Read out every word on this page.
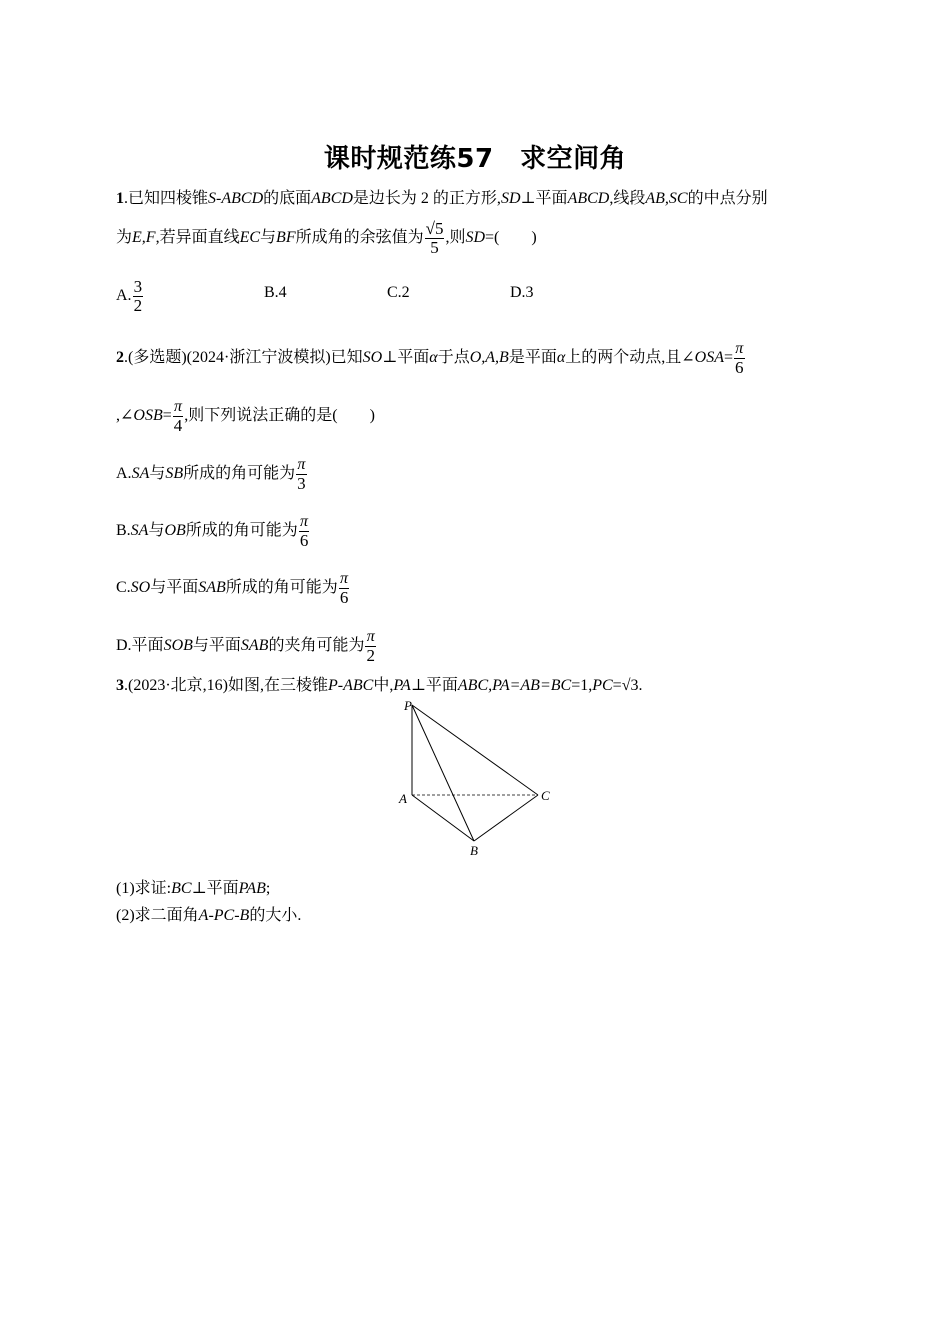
课时规范练57　求空间角
1.已知四棱锥S-ABCD的底面ABCD是边长为 2 的正方形,SD⊥平面ABCD,线段AB,SC的中点分别
为E,F,若异面直线EC与BF所成角的余弦值为 $\frac{√5}{5}$ ,则SD=(　　)
A. $\frac{3}{2}$	B.4	C.2	D.3
2.(多选题)(2024·浙江宁波模拟)已知SO⊥平面α于点O,A,B是平面α上的两个动点,且∠OSA= $\frac{\pi}{6}$
,∠OSB= $\frac{\pi}{4}$ ,则下列说法正确的是(　　)
A.SA与SB所成的角可能为 $\frac{\pi}{3}$
B.SA与OB所成的角可能为 $\frac{\pi}{6}$
C.SO与平面SAB所成的角可能为 $\frac{\pi}{6}$
D.平面SOB与平面SAB的夹角可能为 $\frac{\pi}{2}$
3.(2023·北京,16)如图,在三棱锥P-ABC中,PA⊥平面ABC,PA=AB=BC=1,PC=√3.
P
A	C
B
(1)求证:BC⊥平面PAB;
(2)求二面角A-PC-B的大小.
